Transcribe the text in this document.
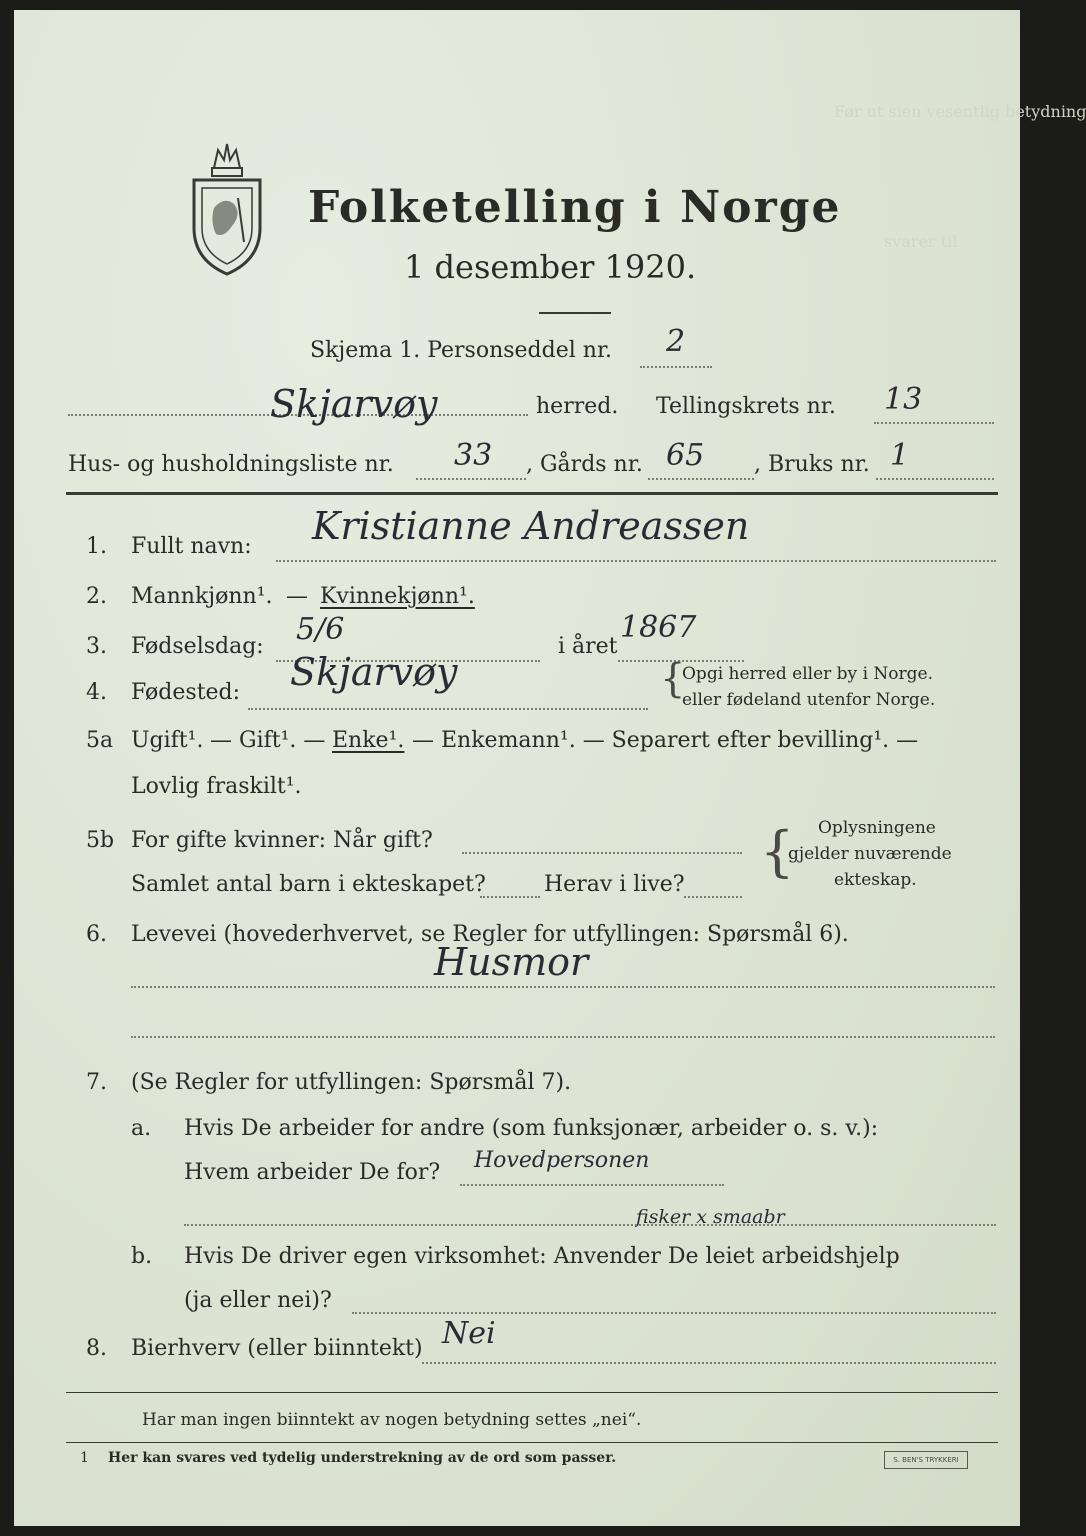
Før ut sien vesentlig betydning
svarer til
Folketelling i Norge
1 desember 1920.
Skjema 1. Personseddel nr. 2
Skjarvøy	herred. Tellingskrets nr. 13
Hus- og husholdningsliste nr. 33 , Gårds nr. 65 , Bruks nr. 1
1. Fullt navn: Kristianne Andreassen
2. Mannkjønn¹. — Kvinnekjønn¹.
3. Fødselsdag: 5/6	i året
1867
4. Fødested: Skjarvøy	{
Opgi herred eller by i Norge.
eller fødeland utenfor Norge.
5a Ugift¹. — Gift¹. — Enke¹. — Enkemann¹. — Separert efter bevilling¹. —
Lovlig fraskilt¹.
5b For gifte kvinner: Når gift?
Samlet antal barn i ekteskapet?	Herav i live?
{ Oplysningene
gjelder nuværende
ekteskap.
6. Levevei (hovederhvervet, se Regler for utfyllingen: Spørsmål 6).
Husmor
7. (Se Regler for utfyllingen: Spørsmål 7).
a. Hvis De arbeider for andre (som funksjonær, arbeider o. s. v.):
Hvem arbeider De for? Hovedpersonen
fisker x smaabr
b. Hvis De driver egen virksomhet: Anvender De leiet arbeidshjelp
(ja eller nei)?
8. Bierhverv (eller biinntekt) Nei
Har man ingen biinntekt av nogen betydning settes „nei“.
1 Her kan svares ved tydelig understrekning av de ord som passer.	S. BEN'S TRYKKERI
